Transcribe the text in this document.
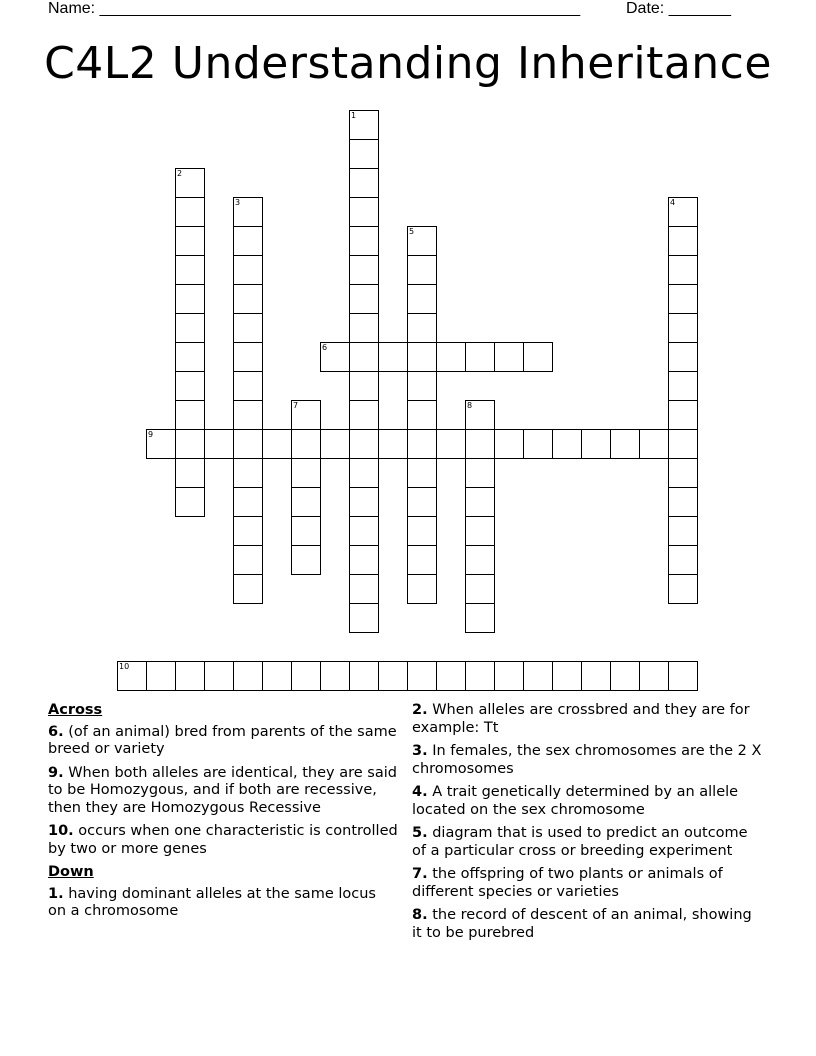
Name: ______________________________________________________	Date: _______
C4L2 Understanding Inheritance
1
2
3	4
5
6
7	8
9
10
Across
6. (of an animal) bred from parents of the same breed or variety
9. When both alleles are identical, they are said to be Homozygous, and if both are recessive, then they are Homozygous Recessive
10. occurs when one characteristic is controlled by two or more genes
Down
1. having dominant alleles at the same locus on a chromosome
2. When alleles are crossbred and they are for example: Tt
3. In females, the sex chromosomes are the 2 X chromosomes
4. A trait genetically determined by an allele located on the sex chromosome
5. diagram that is used to predict an outcome of a particular cross or breeding experiment
7. the offspring of two plants or animals of different species or varieties
8. the record of descent of an animal, showing it to be purebred
